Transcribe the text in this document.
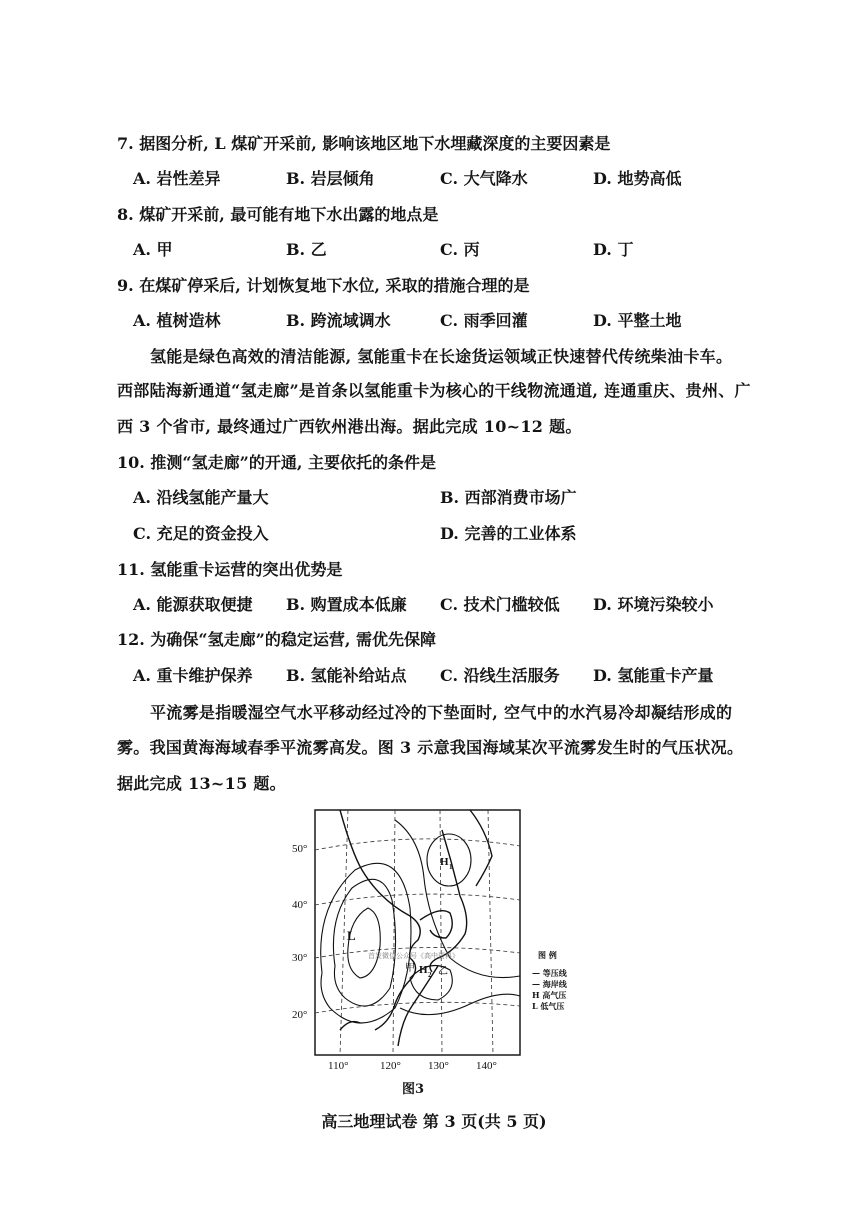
7. 据图分析, L 煤矿开采前, 影响该地区地下水埋藏深度的主要因素是
A. 岩性差异	B. 岩层倾角	C. 大气降水	D. 地势高低
8. 煤矿开采前, 最可能有地下水出露的地点是
A. 甲	B. 乙	C. 丙	D. 丁
9. 在煤矿停采后, 计划恢复地下水位, 采取的措施合理的是
A. 植树造林	B. 跨流域调水	C. 雨季回灌	D. 平整土地
氢能是绿色高效的清洁能源, 氢能重卡在长途货运领域正快速替代传统柴油卡车。
西部陆海新通道“氢走廊”是首条以氢能重卡为核心的干线物流通道, 连通重庆、贵州、广
西 3 个省市, 最终通过广西钦州港出海。据此完成 10~12 题。
10. 推测“氢走廊”的开通, 主要依托的条件是
A. 沿线氢能产量大	B. 西部消费市场广
C. 充足的资金投入	D. 完善的工业体系
11. 氢能重卡运营的突出优势是
A. 能源获取便捷 B. 购置成本低廉 C. 技术门槛较低 D. 环境污染较小
12. 为确保“氢走廊”的稳定运营, 需优先保障
A. 重卡维护保养 B. 氢能补给站点 C. 沿线生活服务 D. 氢能重卡产量
平流雾是指暖湿空气水平移动经过冷的下垫面时, 空气中的水汽易冷却凝结形成的
雾。我国黄海海域春季平流雾高发。图 3 示意我国海域某次平流雾发生时的气压状况。
据此完成 13~15 题。
L
H 1
H 2
甲 乙
首发微信公众号《高中资料》
50°
40°
30°
20°
110°	120° 130° 140°
图 例
— 等压线
— 海岸线
H 高气压
L 低气压
图3
高三地理试卷 第 3 页(共 5 页)
